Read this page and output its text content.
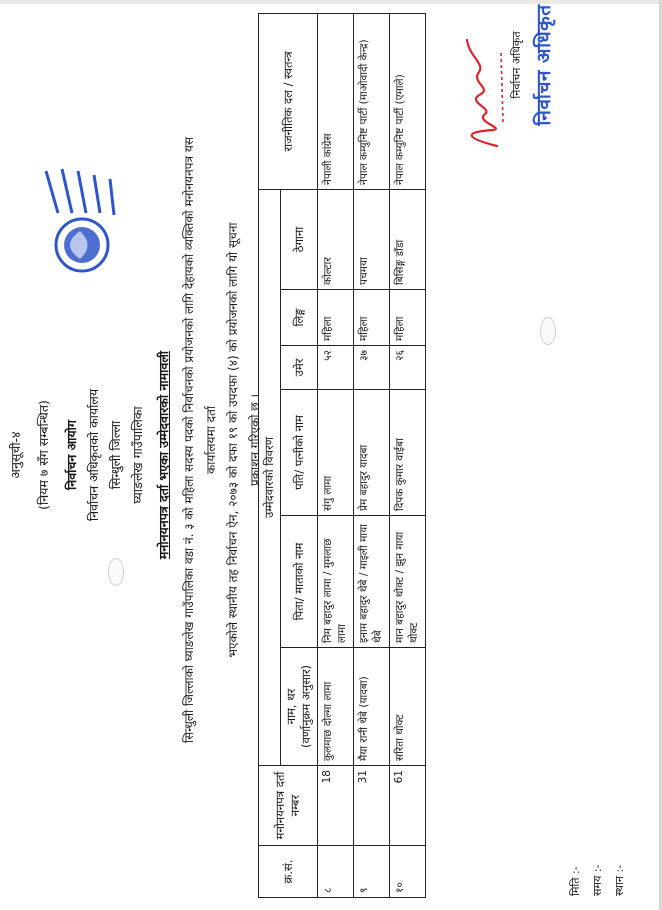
अनुसूची-४ (नियम ७ सँग सम्बन्धित) निर्वाचन आयोग निर्वाचन अधिकृतको कार्यालय सिन्धुली जिल्ला घ्याङलेख गाउँपालिका मनोनयनपत्र दर्ता भएका उम्मेदवारको नामावली सिन्धुली जिल्लाको घ्याङलेख गाउँपालिका वडा नं. ३ को महिला सदस्य पदको निर्वाचनको प्रयोजनको लागि देहायको व्यक्तिको मनोनयनपत्र यस कार्यालयमा दर्ता भएकोले स्थानीय तह निर्वाचन ऐन, २०७३ को दफा १९ को उपदफा (४) को प्रयोजनको लागि यो सूचना प्रकाशन गरिएको छ ।
क्र.सं.	मनोनयनपत्र दर्ता नम्बर	उम्मेदवारको विवरण						राजनीतिक दल / स्वतन्त्र

		नाम, थर (वर्णानुक्रम अनुसार)	पिता/ माताको नाम	पति/ पत्नीको नाम	उमेर	लिङ्ग	ठेगाना	
८	18	कुलमाछ दोल्मा लामा	निम बहादुर लामा / मुमलाछ लामा	संगु लामा	५२	महिला	कोल्टार	नेपाली कांग्रेस
९	31	मैया रानी थेबे (यादबा)	इनाम बहादुर थेबे / माइली माया थेबे	प्रेम बहादुर यादबा	३७	महिला	पचमया	नेपाल कम्युनिष्ट पार्टी (माओवादी केन्द्र)
१०	61	सरिता थोक्ट	मान बहादुर थोक्ट / झुन माया थोक्ट	दिपक कुमार वाईबा	२६	महिला	बिसिङ्ग डाँडा	नेपाल कम्युनिष्ट पार्टी (एमाले)
मिति :- समय :- स्थान :-
निर्वाचन अधिकृत निर्वाचन अधिकृत
